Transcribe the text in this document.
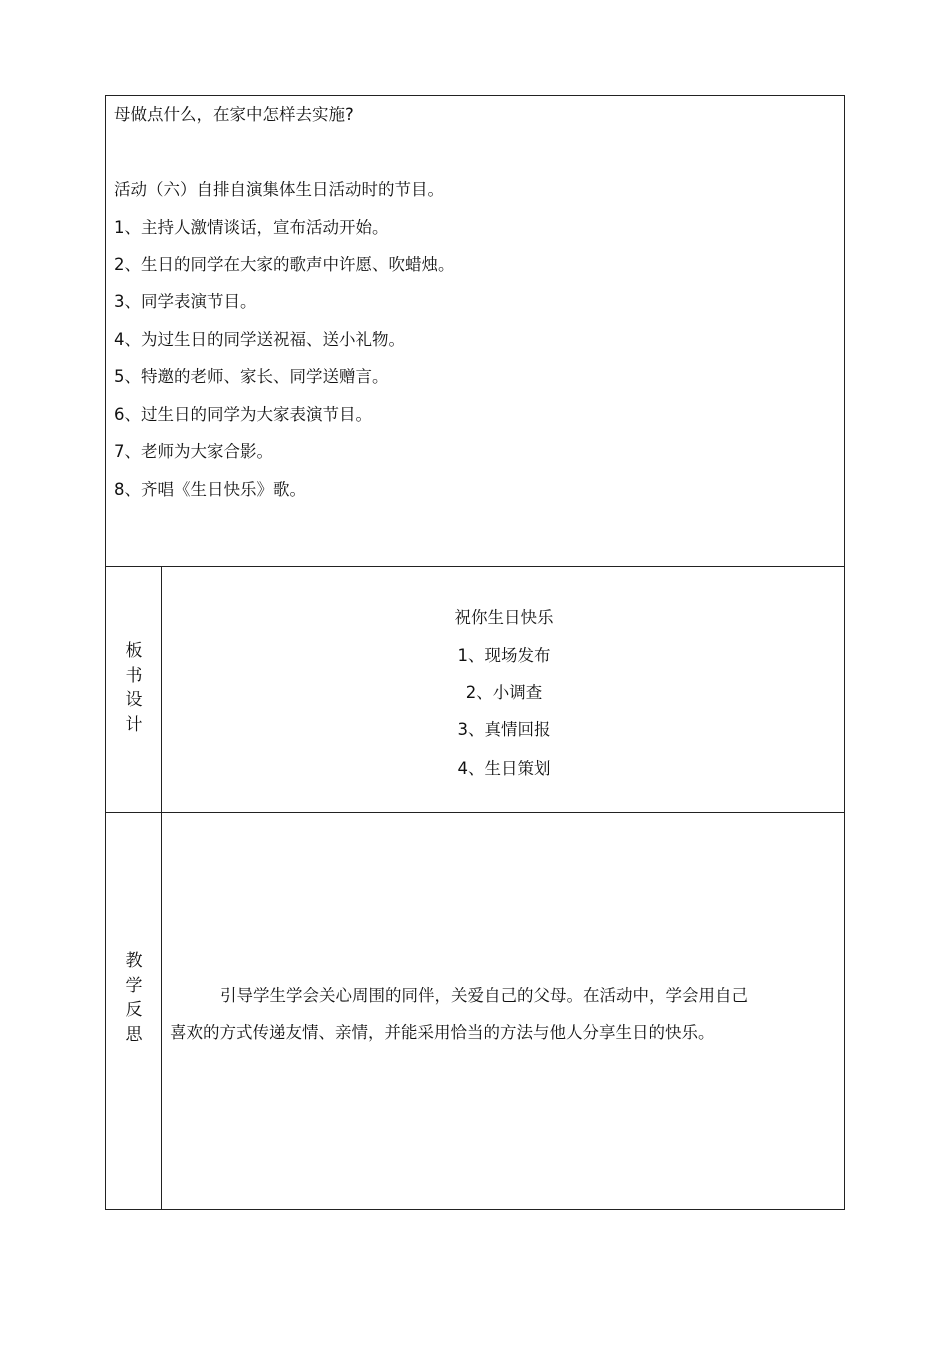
母做点什么，在家中怎样去实施?
活动（六）自排自演集体生日活动时的节目。
1、主持人激情谈话，宣布活动开始。
2、生日的同学在大家的歌声中许愿、吹蜡烛。
3、同学表演节目。
4、为过生日的同学送祝福、送小礼物。
5、特邀的老师、家长、同学送赠言。
6、过生日的同学为大家表演节目。
7、老师为大家合影。
8、齐唱《生日快乐》歌。
板
书
设
计
祝你生日快乐
1、现场发布
2、小调查
3、真情回报
4、生日策划
教
学
反
思
引导学生学会关心周围的同伴，关爱自己的父母。在活动中，学会用自己
喜欢的方式传递友情、亲情，并能采用恰当的方法与他人分享生日的快乐。
